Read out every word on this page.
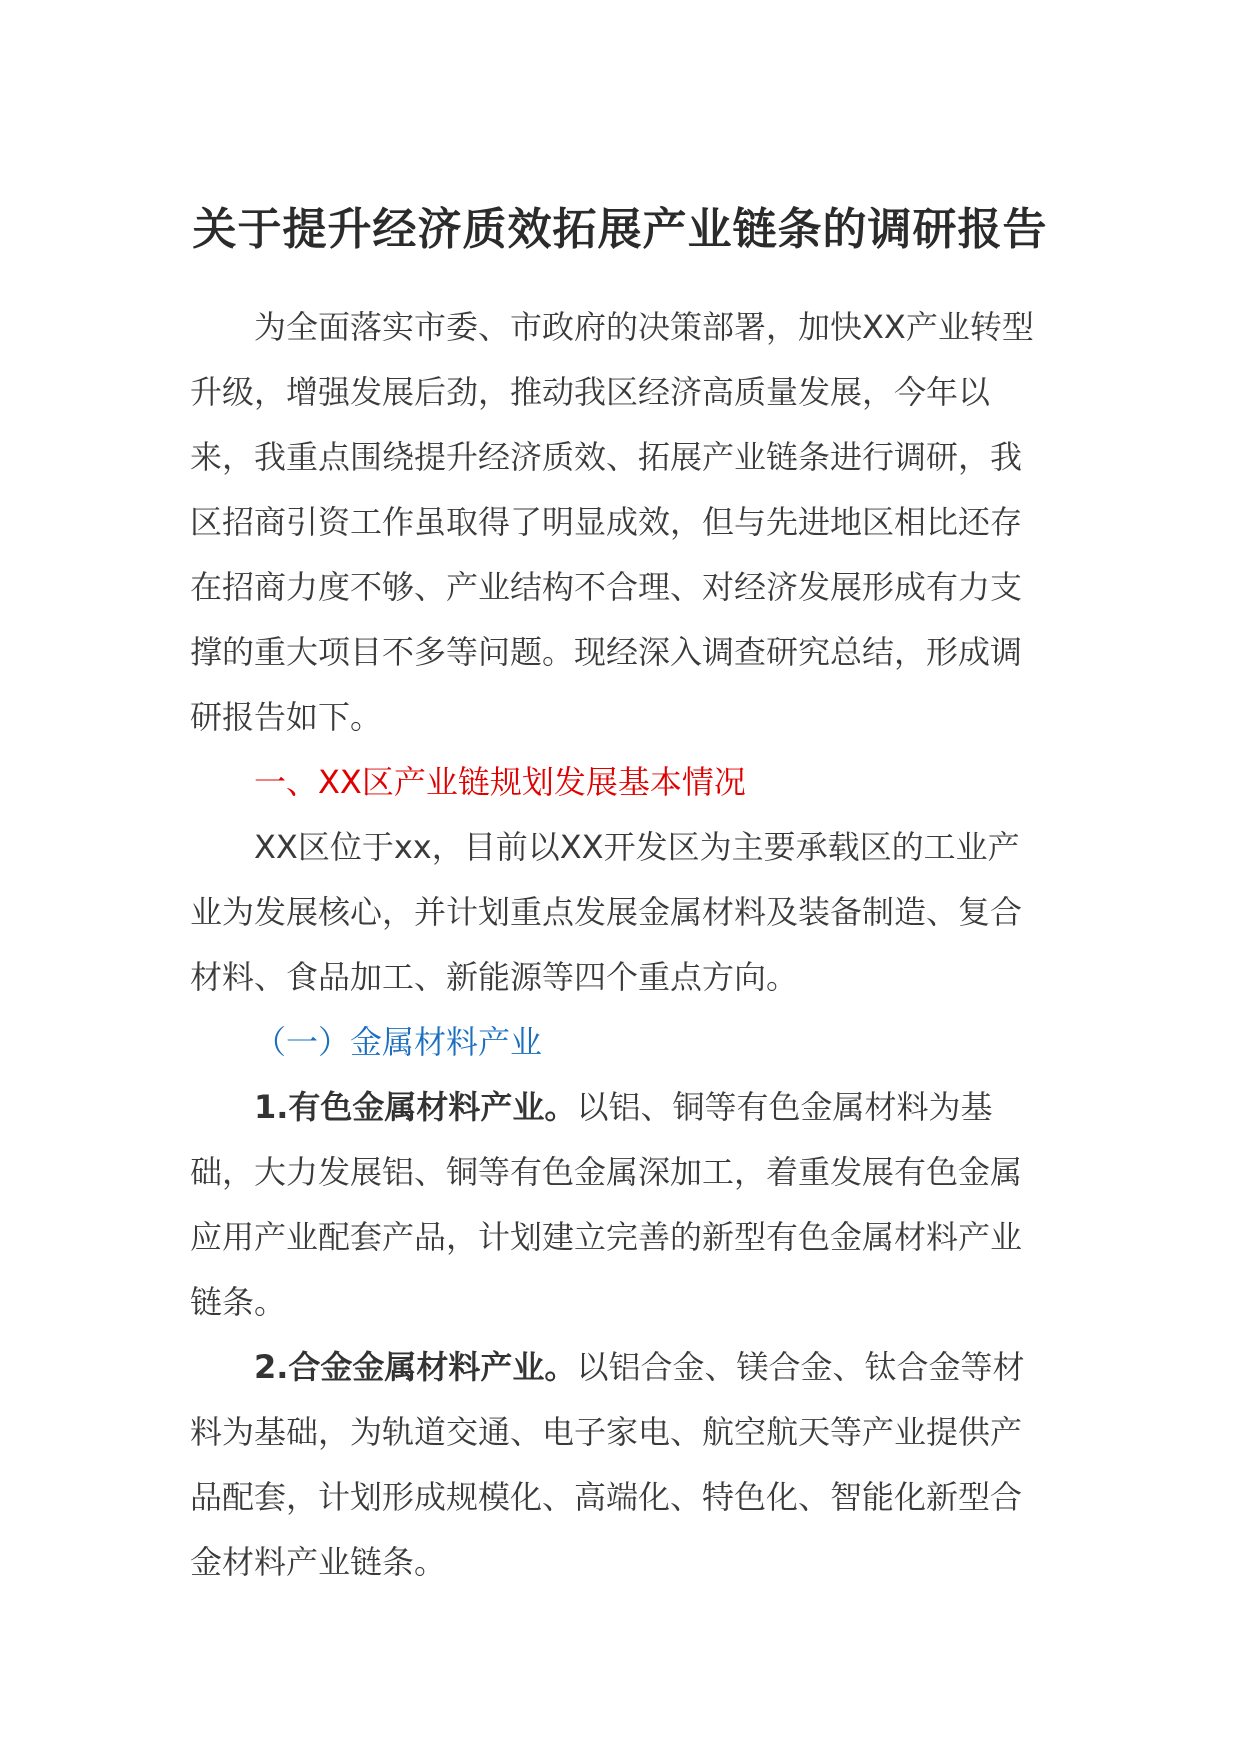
关于提升经济质效拓展产业链条的调研报告

为全面落实市委、市政府的决策部署，加快XX产业转型升级，增强发展后劲，推动我区经济高质量发展，今年以来，我重点围绕提升经济质效、拓展产业链条进行调研，我区招商引资工作虽取得了明显成效，但与先进地区相比还存在招商力度不够、产业结构不合理、对经济发展形成有力支撑的重大项目不多等问题。现经深入调查研究总结，形成调研报告如下。

一、XX区产业链规划发展基本情况

XX区位于xx，目前以XX开发区为主要承载区的工业产业为发展核心，并计划重点发展金属材料及装备制造、复合材料、食品加工、新能源等四个重点方向。

（一）金属材料产业

1.有色金属材料产业。以铝、铜等有色金属材料为基础，大力发展铝、铜等有色金属深加工，着重发展有色金属应用产业配套产品，计划建立完善的新型有色金属材料产业链条。

2.合金金属材料产业。以铝合金、镁合金、钛合金等材料为基础，为轨道交通、电子家电、航空航天等产业提供产品配套，计划形成规模化、高端化、特色化、智能化新型合金材料产业链条。
